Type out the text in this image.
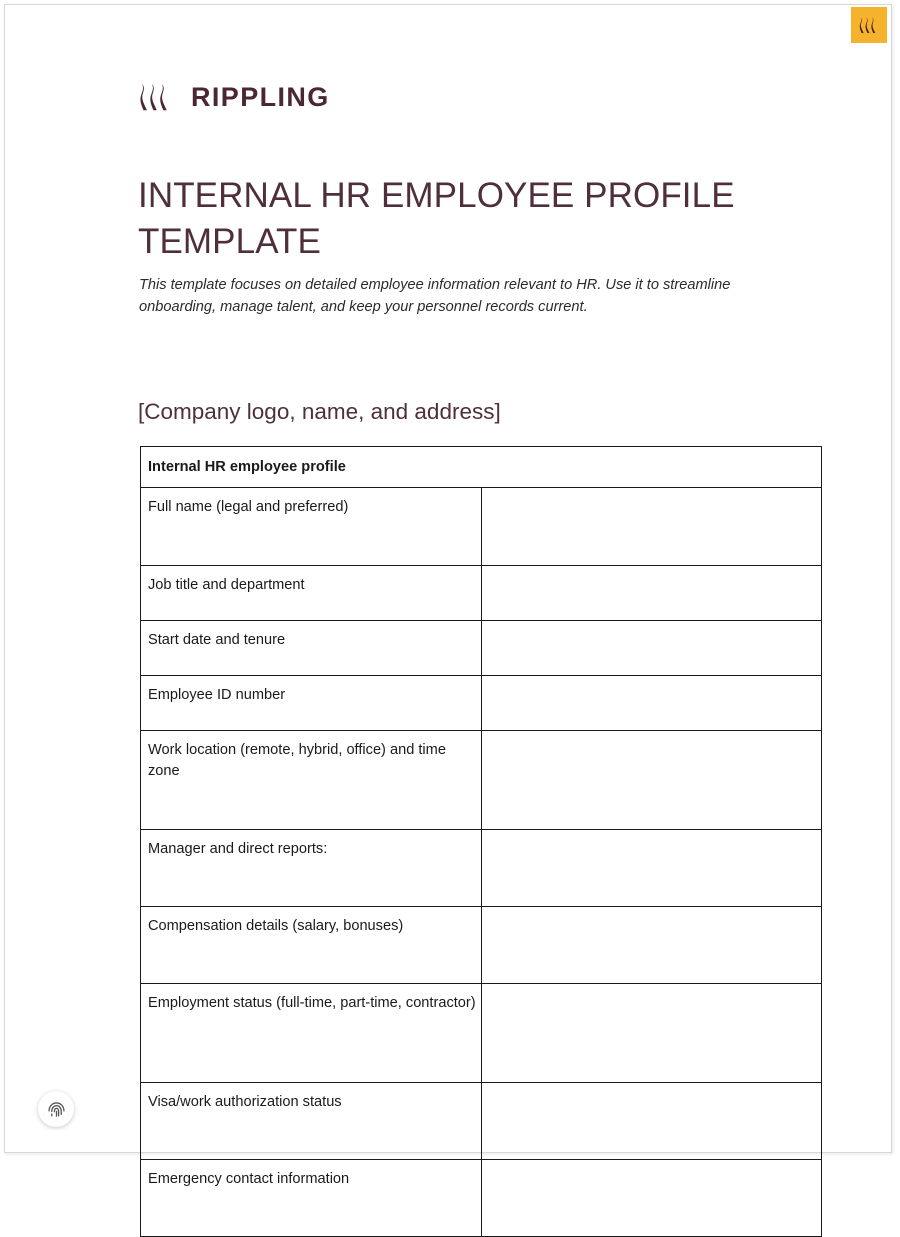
RIPPLING
INTERNAL HR EMPLOYEE PROFILE TEMPLATE

This template focuses on detailed employee information relevant to HR. Use it to streamline onboarding, manage talent, and keep your personnel records current.

[Company logo, name, and address]
Internal HR employee profile	
Full name (legal and preferred)	
Job title and department	
Start date and tenure	
Employee ID number	
Work location (remote, hybrid, office) and time zone	
Manager and direct reports:	
Compensation details (salary, bonuses)	
Employment status (full-time, part-time, contractor)	
Visa/work authorization status	
Emergency contact information	
